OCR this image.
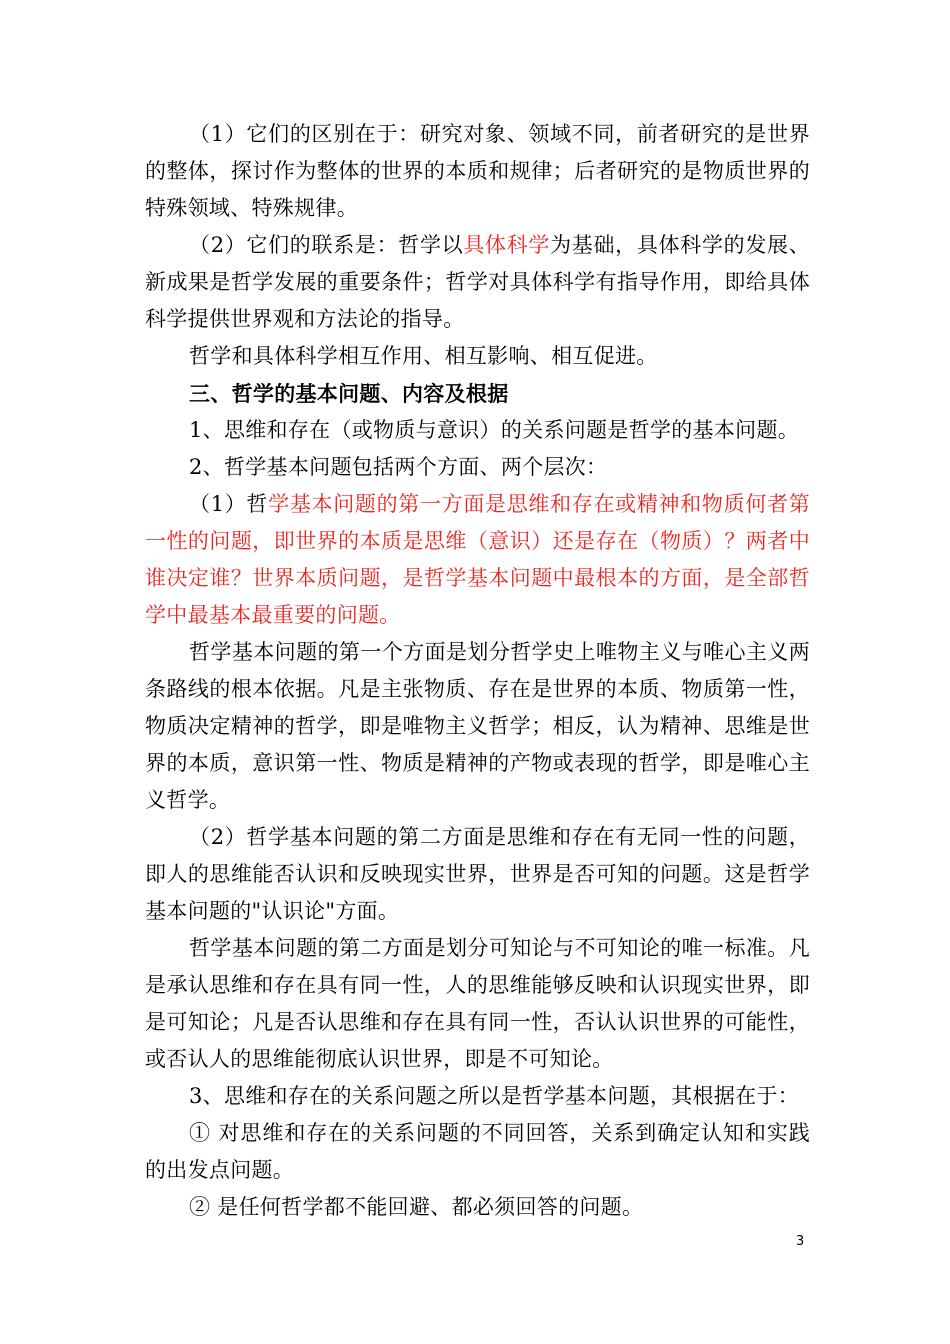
（1）它们的区别在于：研究对象、领域不同，前者研究的是世界的整体，探讨作为整体的世界的本质和规律；后者研究的是物质世界的特殊领域、特殊规律。

（2）它们的联系是：哲学以具体科学为基础，具体科学的发展、新成果是哲学发展的重要条件；哲学对具体科学有指导作用，即给具体科学提供世界观和方法论的指导。

哲学和具体科学相互作用、相互影响、相互促进。

三、哲学的基本问题、内容及根据

1、思维和存在（或物质与意识）的关系问题是哲学的基本问题。

2、哲学基本问题包括两个方面、两个层次：

（1）哲学基本问题的第一方面是思维和存在或精神和物质何者第一性的问题，即世界的本质是思维（意识）还是存在（物质）？两者中谁决定谁？世界本质问题，是哲学基本问题中最根本的方面，是全部哲学中最基本最重要的问题。

哲学基本问题的第一个方面是划分哲学史上唯物主义与唯心主义两条路线的根本依据。凡是主张物质、存在是世界的本质、物质第一性，物质决定精神的哲学，即是唯物主义哲学；相反，认为精神、思维是世界的本质，意识第一性、物质是精神的产物或表现的哲学，即是唯心主义哲学。

（2）哲学基本问题的第二方面是思维和存在有无同一性的问题，即人的思维能否认识和反映现实世界，世界是否可知的问题。这是哲学基本问题的"认识论"方面。

哲学基本问题的第二方面是划分可知论与不可知论的唯一标准。凡是承认思维和存在具有同一性，人的思维能够反映和认识现实世界，即是可知论；凡是否认思维和存在具有同一性，否认认识世界的可能性，或否认人的思维能彻底认识世界，即是不可知论。

3、思维和存在的关系问题之所以是哲学基本问题，其根据在于：

① 对思维和存在的关系问题的不同回答，关系到确定认知和实践的出发点问题。

② 是任何哲学都不能回避、都必须回答的问题。

3
